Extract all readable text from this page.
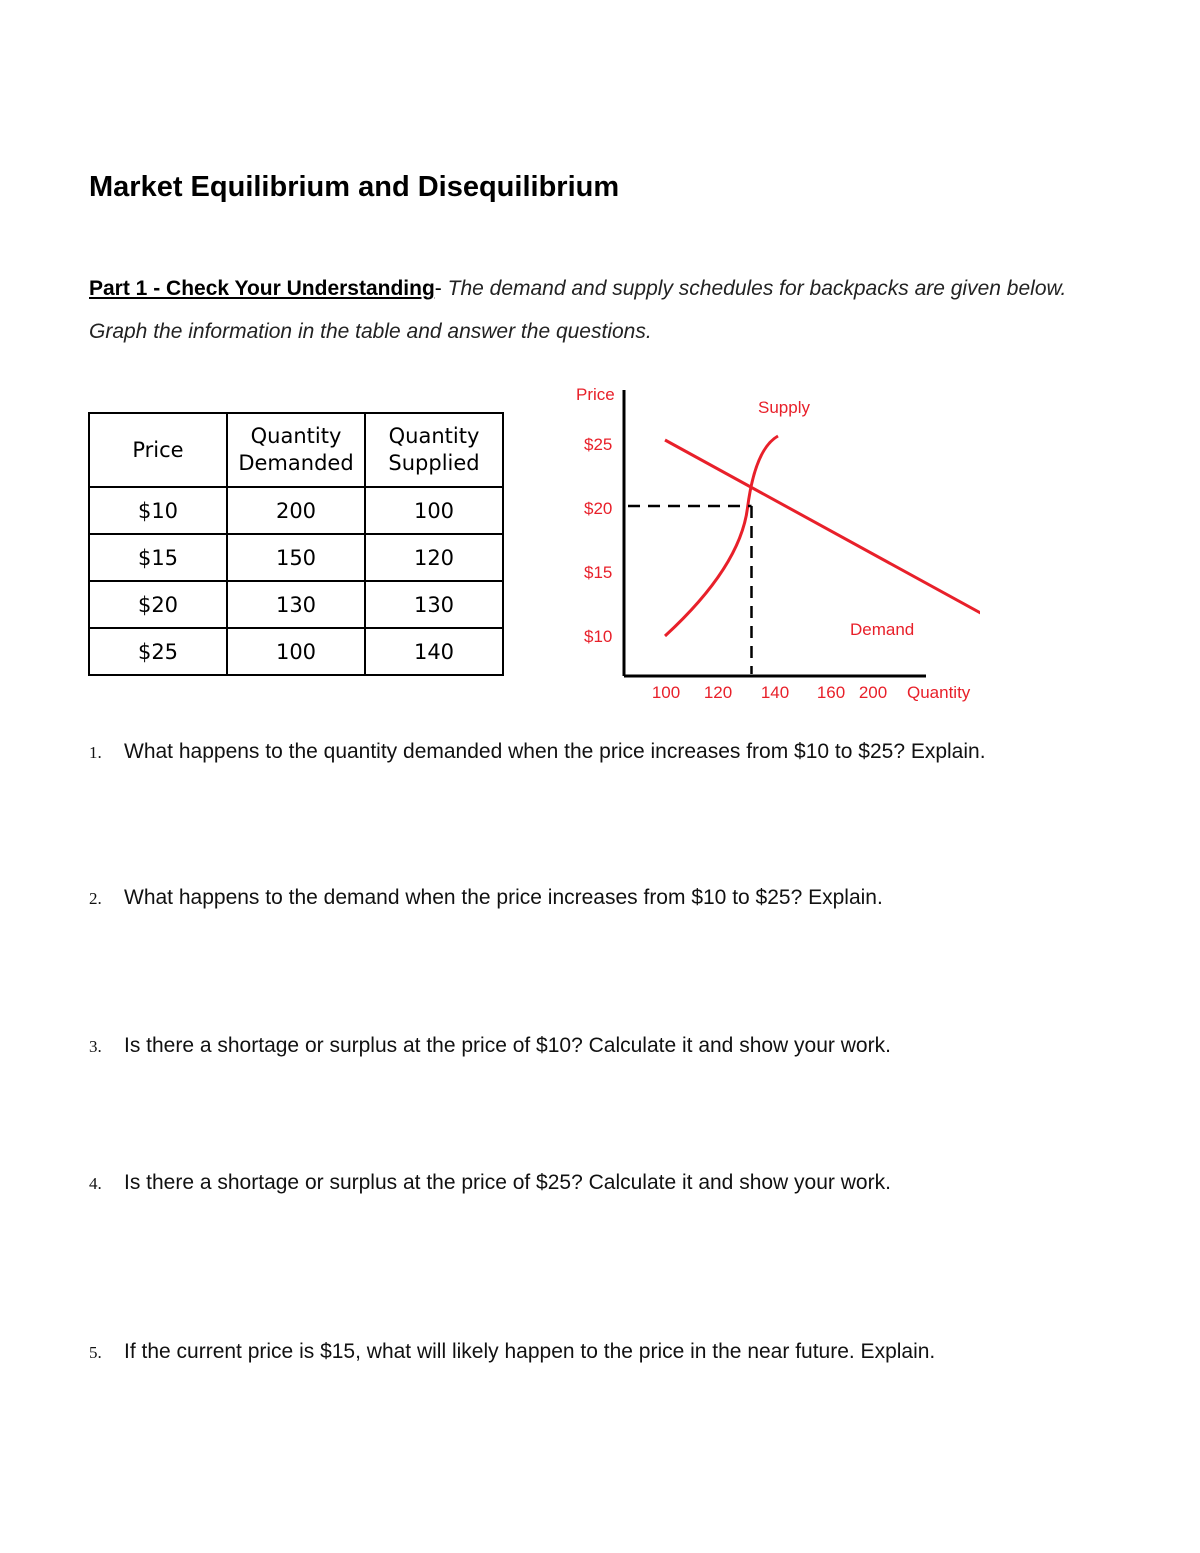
Market Equilibrium and Disequilibrium

Part 1 - Check Your Understanding- The demand and supply schedules for backpacks are given below. Graph the information in the table and answer the questions.

Price	Quantity Demanded	Quantity Supplied
$10	200	100
$15	150	120
$20	130	130
$25	100	140
Price
$25
$20
$15
$10
100 120 140 160 200 Quantity
Supply
Demand
1. What happens to the quantity demanded when the price increases from $10 to $25? Explain.
2. What happens to the demand when the price increases from $10 to $25? Explain.
3. Is there a shortage or surplus at the price of $10? Calculate it and show your work.
4. Is there a shortage or surplus at the price of $25? Calculate it and show your work.
5. If the current price is $15, what will likely happen to the price in the near future. Explain.
